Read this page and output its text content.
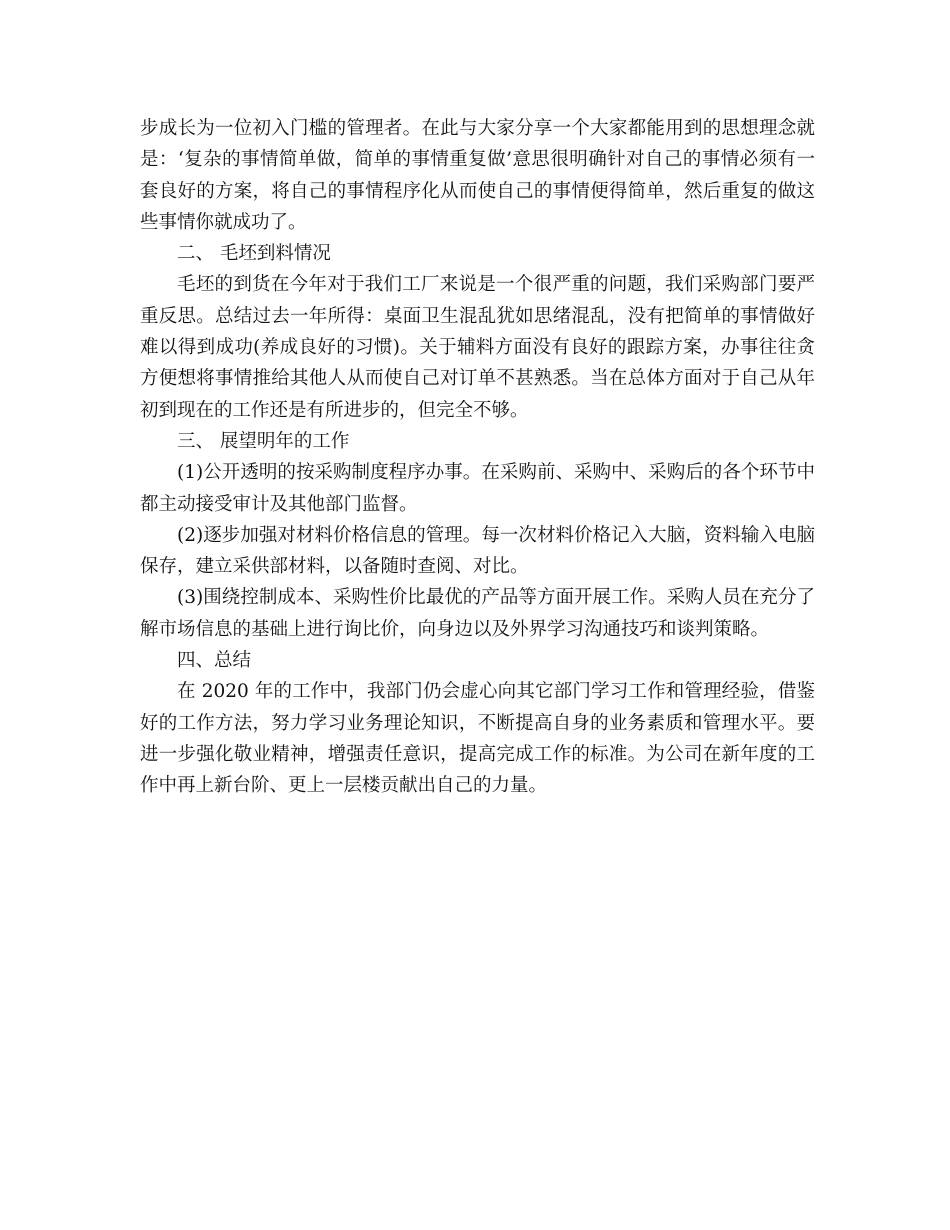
步成长为一位初入门槛的管理者。在此与大家分享一个大家都能用到的思想理念就是：‘复杂的事情简单做，简单的事情重复做’意思很明确针对自己的事情必须有一套良好的方案，将自己的事情程序化从而使自己的事情便得简单，然后重复的做这些事情你就成功了。

二、 毛坯到料情况

毛坯的到货在今年对于我们工厂来说是一个很严重的问题，我们采购部门要严重反思。总结过去一年所得：桌面卫生混乱犹如思绪混乱，没有把简单的事情做好难以得到成功(养成良好的习惯)。关于辅料方面没有良好的跟踪方案，办事往往贪方便想将事情推给其他人从而使自己对订单不甚熟悉。当在总体方面对于自己从年初到现在的工作还是有所进步的，但完全不够。

三、 展望明年的工作

(1)公开透明的按采购制度程序办事。在采购前、采购中、采购后的各个环节中都主动接受审计及其他部门监督。

(2)逐步加强对材料价格信息的管理。每一次材料价格记入大脑，资料输入电脑保存，建立采供部材料，以备随时查阅、对比。

(3)围绕控制成本、采购性价比最优的产品等方面开展工作。采购人员在充分了解市场信息的基础上进行询比价，向身边以及外界学习沟通技巧和谈判策略。

四、总结

在 2020 年的工作中，我部门仍会虚心向其它部门学习工作和管理经验，借鉴好的工作方法，努力学习业务理论知识，不断提高自身的业务素质和管理水平。要进一步强化敬业精神，增强责任意识，提高完成工作的标准。为公司在新年度的工作中再上新台阶、更上一层楼贡献出自己的力量。
